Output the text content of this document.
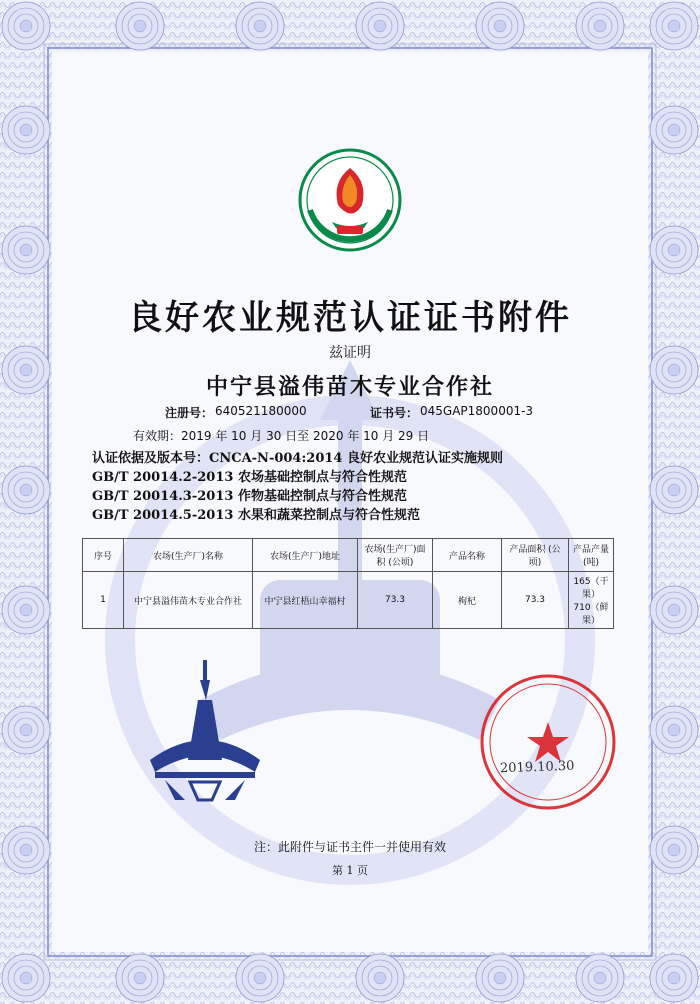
良好农业规范认证证书附件
兹证明
中宁县溢伟苗木专业合作社
注册号： 640521180000	证书号： 045GAP1800001-3
有效期：2019 年 10 月 30 日至 2020 年 10 月 29 日
认证依据及版本号：CNCA-N-004:2014 良好农业规范认证实施规则
GB/T 20014.2-2013 农场基础控制点与符合性规范
GB/T 20014.3-2013 作物基础控制点与符合性规范
GB/T 20014.5-2013 水果和蔬菜控制点与符合性规范
序号	农场(生产厂)名称	农场(生产厂)地址	农场(生产厂)面积 (公顷)	产品名称	产品面积 (公顷)	产品产量(吨)
1	中宁县溢伟苗木专业合作社	中宁县红梧山幸福村	73.3	枸杞	73.3	165（干果）
710（鲜果）
2019.10.30
注：此附件与证书主件一并使用有效
第 1 页
